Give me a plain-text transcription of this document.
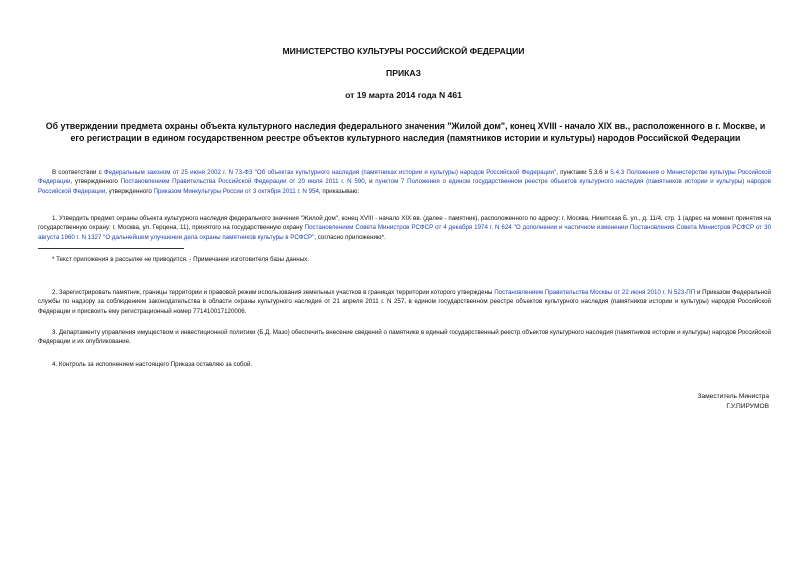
МИНИСТЕРСТВО КУЛЬТУРЫ РОССИЙСКОЙ ФЕДЕРАЦИИ
ПРИКАЗ
от 19 марта 2014 года N 461
Об утверждении предмета охраны объекта культурного наследия федерального значения "Жилой дом", конец XVIII - начало XIX вв., расположенного в г. Москве, и его регистрации в едином государственном реестре объектов культурного наследия (памятников истории и культуры) народов Российской Федерации
В соответствии с Федеральным законом от 25 июня 2002 г. N 73-ФЗ "Об объектах культурного наследия (памятниках истории и культуры) народов Российской Федерации", пунктами 5.3.6 и 5.4.3 Положения о Министерстве культуры Российской Федерации, утвержденного Постановлением Правительства Российской Федерации от 20 июля 2011 г. N 590, и пунктом 7 Положения о едином государственном реестре объектов культурного наследия (памятников истории и культуры) народов Российской Федерации, утвержденного Приказом Минкультуры России от 3 октября 2011 г. N 954, приказываю:
1. Утвердить предмет охраны объекта культурного наследия федерального значения "Жилой дом", конец XVIII - начало XIX вв. (далее - памятник), расположенного по адресу: г. Москва, Никитская Б. ул., д. 11/4, стр. 1 (адрес на момент принятия на государственную охрану: г. Москва, ул. Герцена, 11), принятого на государственную охрану Постановлением Совета Министров РСФСР от 4 декабря 1974 г. N 624 "О дополнении и частичном изменении Постановления Совета Министров РСФСР от 30 августа 1960 г. N 1327 "О дальнейшем улучшении дела охраны памятников культуры в РСФСР", согласно приложению*.
* Текст приложения в рассылке не приводится. - Примечание изготовителя базы данных.
2. Зарегистрировать памятник, границы территории и правовой режим использования земельных участков в границах территории которого утверждены Постановлением Правительства Москвы от 22 июня 2010 г. N 523-ПП и Приказом Федеральной службы по надзору за соблюдением законодательства в области охраны культурного наследия от 21 апреля 2011 г. N 257, в едином государственном реестре объектов культурного наследия (памятников истории и культуры) народов Российской Федерации и присвоить ему регистрационный номер 771410017120006.
3. Департаменту управления имуществом и инвестиционной политики (Б.Д. Мазо) обеспечить внесение сведений о памятнике в единый государственный реестр объектов культурного наследия (памятников истории и культуры) народов Российской Федерации и их опубликование.
4. Контроль за исполнением настоящего Приказа оставляю за собой.
Заместитель Министра
Г.У.ПИРУМОВ
